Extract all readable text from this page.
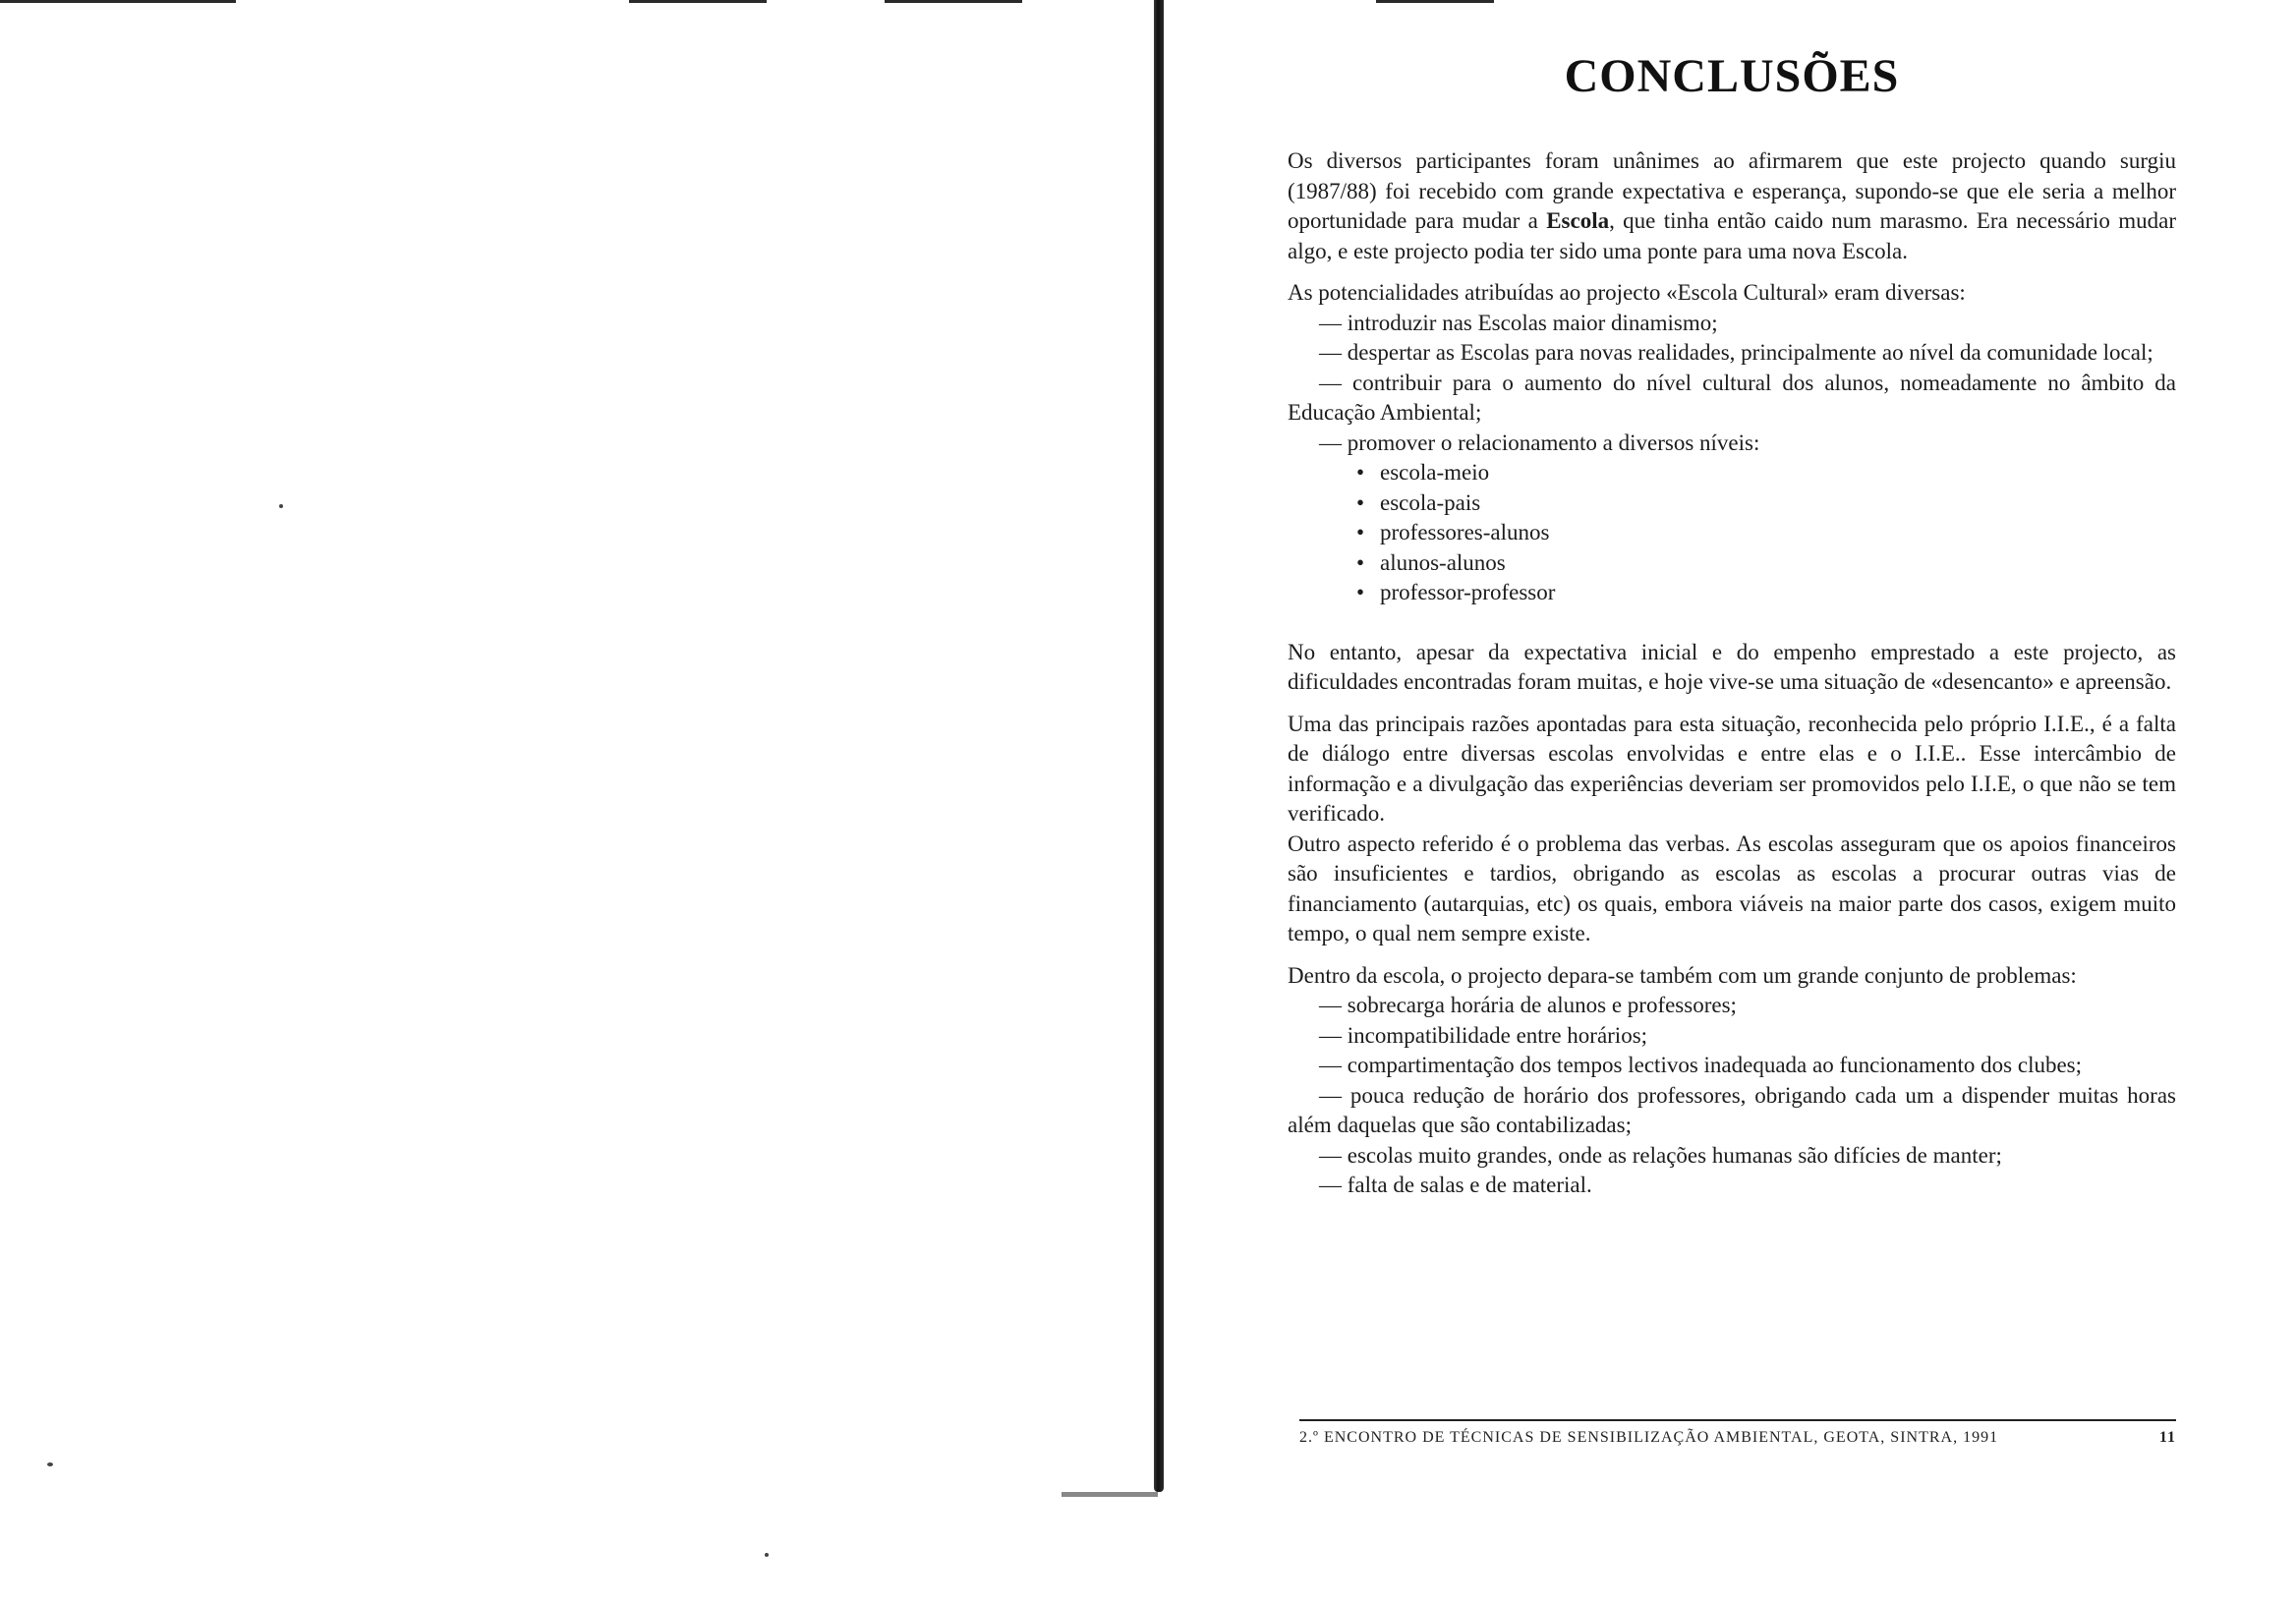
CONCLUSÕES

Os diversos participantes foram unânimes ao afirmarem que este projecto quando surgiu (1987/88) foi recebido com grande expectativa e esperança, supondo-se que ele seria a melhor oportunidade para mudar a Escola, que tinha então caido num marasmo. Era necessário mudar algo, e este projecto podia ter sido uma ponte para uma nova Escola.

As potencialidades atribuídas ao projecto «Escola Cultural» eram diversas:

— introduzir nas Escolas maior dinamismo;

— despertar as Escolas para novas realidades, principalmente ao nível da comunidade local;

— contribuir para o aumento do nível cultural dos alunos, nomeadamente no âmbito da Educação Ambiental;

— promover o relacionamento a diversos níveis:

• escola-meio
• escola-pais
• professores-alunos
• alunos-alunos
• professor-professor

No entanto, apesar da expectativa inicial e do empenho emprestado a este projecto, as dificuldades encontradas foram muitas, e hoje vive-se uma situação de «desencanto» e apreensão.

Uma das principais razões apontadas para esta situação, reconhecida pelo próprio I.I.E., é a falta de diálogo entre diversas escolas envolvidas e entre elas e o I.I.E.. Esse intercâmbio de informação e a divulgação das experiências deveriam ser promovidos pelo I.I.E, o que não se tem verificado.

Outro aspecto referido é o problema das verbas. As escolas asseguram que os apoios financeiros são insuficientes e tardios, obrigando as escolas as escolas a procurar outras vias de financiamento (autarquias, etc) os quais, embora viáveis na maior parte dos casos, exigem muito tempo, o qual nem sempre existe.

Dentro da escola, o projecto depara-se também com um grande conjunto de problemas:

— sobrecarga horária de alunos e professores;

— incompatibilidade entre horários;

— compartimentação dos tempos lectivos inadequada ao funcionamento dos clubes;

— pouca redução de horário dos professores, obrigando cada um a dispender muitas horas além daquelas que são contabilizadas;

— escolas muito grandes, onde as relações humanas são difícies de manter;

— falta de salas e de material.

2.º ENCONTRO DE TÉCNICAS DE SENSIBILIZAÇÃO AMBIENTAL, GEOTA, SINTRA, 1991	11
